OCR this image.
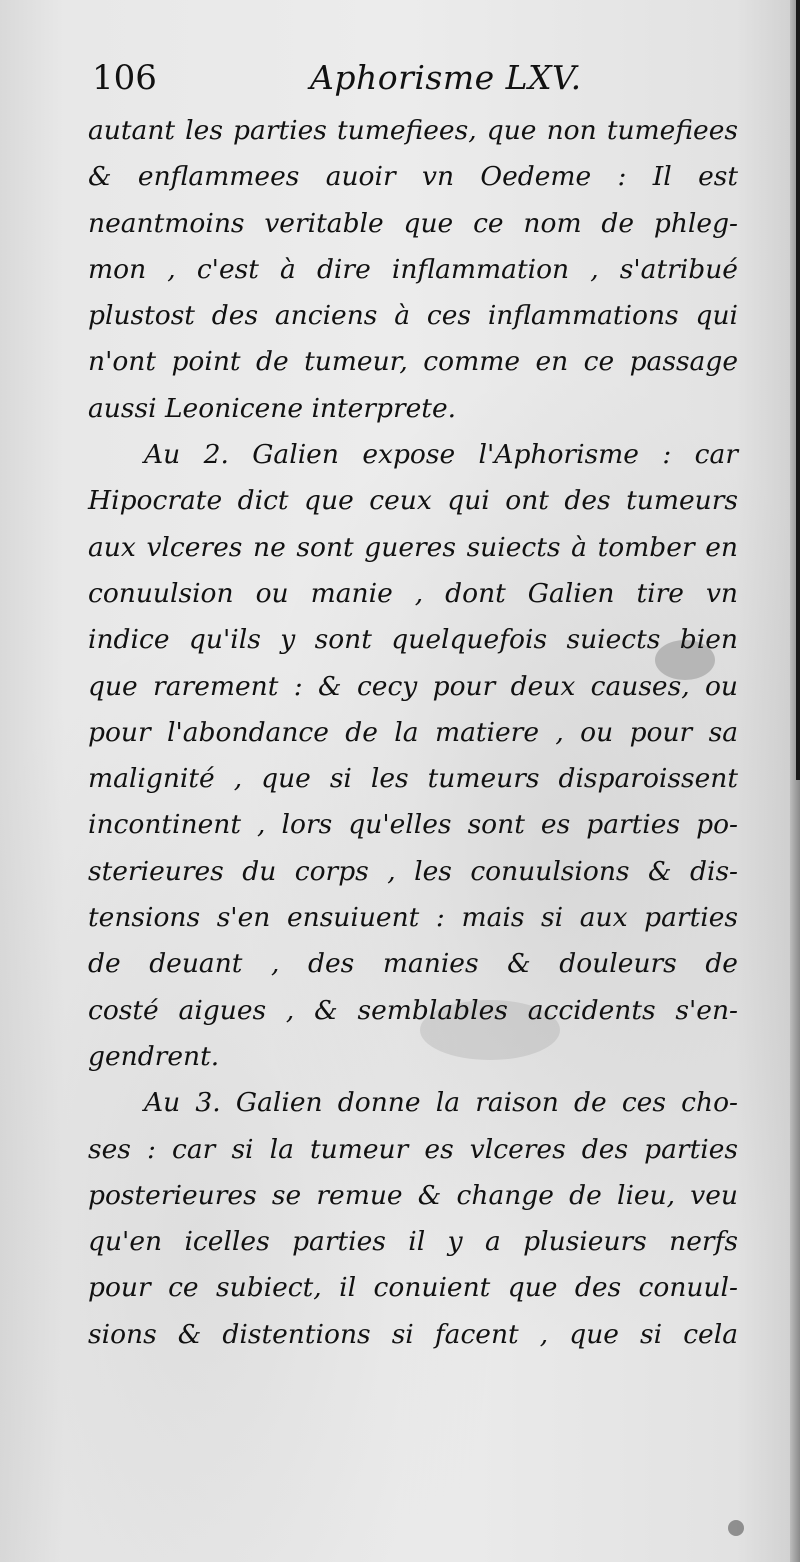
106	Aphorisme LXV.
autant les parties tumefiees, que non tumefiees
& enflammees auoir vn Oedeme : Il est
neantmoins veritable que ce nom de phleg-
mon , c'est à dire inflammation , s'atribué
plustost des anciens à ces inflammations qui
n'ont point de tumeur, comme en ce passage
aussi Leonicene interprete.
Au 2. Galien expose l'Aphorisme : car
Hipocrate dict que ceux qui ont des tumeurs
aux vlceres ne sont gueres suiects à tomber en
conuulsion ou manie , dont Galien tire vn
indice qu'ils y sont quelquefois suiects bien
que rarement : & cecy pour deux causes, ou
pour l'abondance de la matiere , ou pour sa
malignité , que si les tumeurs disparoissent
incontinent , lors qu'elles sont es parties po-
sterieures du corps , les conuulsions & dis-
tensions s'en ensuiuent : mais si aux parties
de deuant , des manies & douleurs de
costé aigues , & semblables accidents s'en-
gendrent.
Au 3. Galien donne la raison de ces cho-
ses : car si la tumeur es vlceres des parties
posterieures se remue & change de lieu, veu
qu'en icelles parties il y a plusieurs nerfs
pour ce subiect, il conuient que des conuul-
sions & distentions si facent , que si cela
